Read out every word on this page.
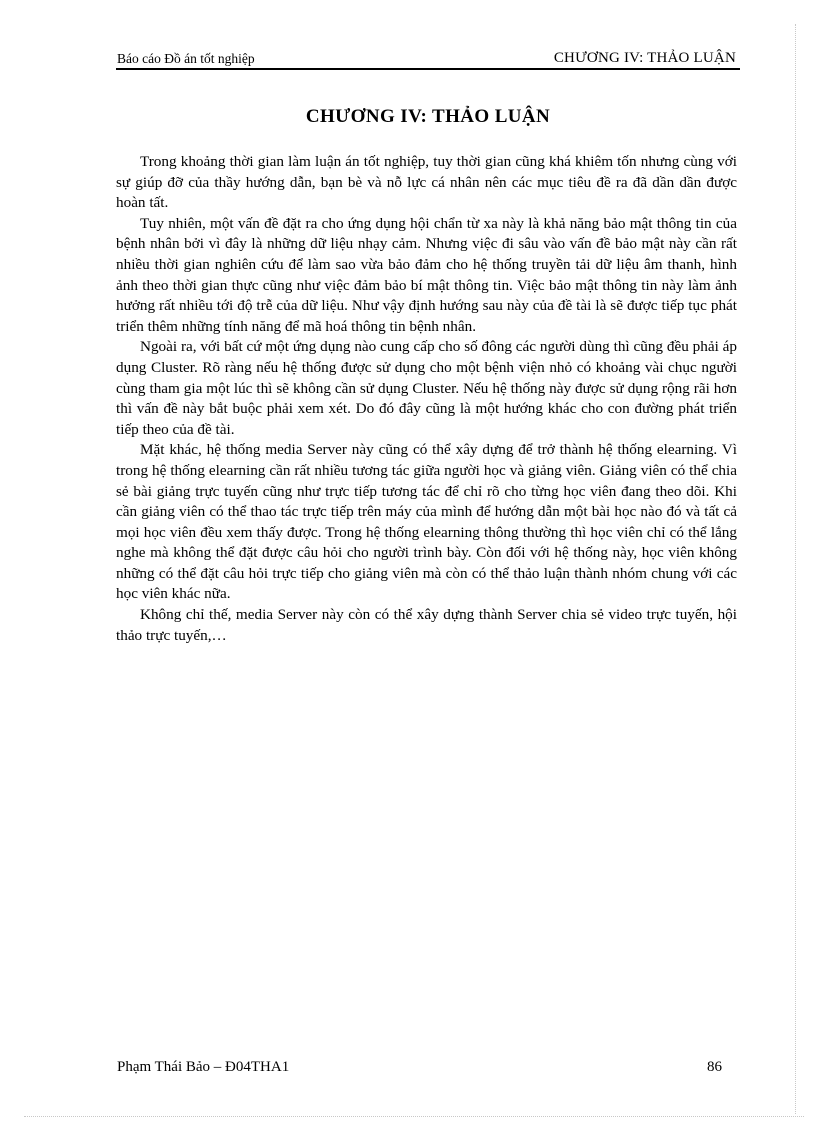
Báo cáo Đồ án tốt nghiệp	CHƯƠNG IV: THẢO LUẬN
CHƯƠNG IV: THẢO LUẬN

Trong khoảng thời gian làm luận án tốt nghiệp, tuy thời gian cũng khá khiêm tốn nhưng cùng với sự giúp đỡ của thầy hướng dẫn, bạn bè và nỗ lực cá nhân nên các mục tiêu đề ra đã dần dần được hoàn tất.

Tuy nhiên, một vấn đề đặt ra cho ứng dụng hội chẩn từ xa này là khả năng bảo mật thông tin của bệnh nhân bởi vì đây là những dữ liệu nhạy cảm. Nhưng việc đi sâu vào vấn đề bảo mật này cần rất nhiều thời gian nghiên cứu để làm sao vừa bảo đảm cho hệ thống truyền tải dữ liệu âm thanh, hình ảnh theo thời gian thực cũng như việc đảm bảo bí mật thông tin. Việc bảo mật thông tin này làm ảnh hưởng rất nhiều tới độ trễ của dữ liệu. Như vậy định hướng sau này của đề tài là sẽ được tiếp tục phát triển thêm những tính năng để mã hoá thông tin bệnh nhân.

Ngoài ra, với bất cứ một ứng dụng nào cung cấp cho số đông các người dùng thì cũng đều phải áp dụng Cluster. Rõ ràng nếu hệ thống được sử dụng cho một bệnh viện nhỏ có khoảng vài chục người cùng tham gia một lúc thì sẽ không cần sử dụng Cluster. Nếu hệ thống này được sử dụng rộng rãi hơn thì vấn đề này bắt buộc phải xem xét. Do đó đây cũng là một hướng khác cho con đường phát triển tiếp theo của đề tài.

Mặt khác, hệ thống media Server này cũng có thể xây dựng để trở thành hệ thống elearning. Vì trong hệ thống elearning cần rất nhiều tương tác giữa người học và giảng viên. Giảng viên có thể chia sẻ bài giảng trực tuyến cũng như trực tiếp tương tác để chỉ rõ cho từng học viên đang theo dõi. Khi cần giảng viên có thể thao tác trực tiếp trên máy của mình để hướng dẫn một bài học nào đó và tất cả mọi học viên đều xem thấy được. Trong hệ thống elearning thông thường thì học viên chỉ có thể lắng nghe mà không thể đặt được câu hỏi cho người trình bày. Còn đối với hệ thống này, học viên không những có thể đặt câu hỏi trực tiếp cho giảng viên mà còn có thể thảo luận thành nhóm chung với các học viên khác nữa.

Không chỉ thế, media Server này còn có thể xây dựng thành Server chia sẻ video trực tuyến, hội thảo trực tuyến,…

Phạm Thái Bảo – Đ04THA1	86
